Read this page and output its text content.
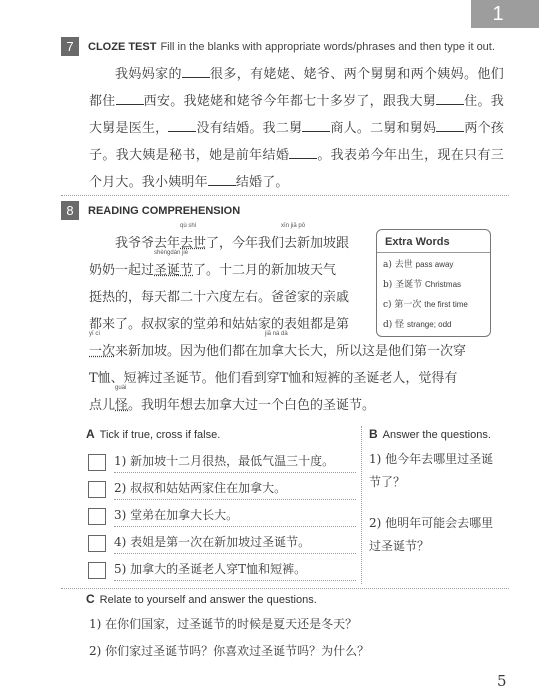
1
7	CLOZE TEST Fill in the blanks with appropriate words/phrases and then type it out.

我妈妈家的 很多，有姥姥、姥爷、两个舅舅和两个姨妈。他们都住 西安。我姥姥和姥爷今年都七十多岁了，跟我大舅 住。我大舅是医生， 没有结婚。我二舅 商人。二舅和舅妈 两个孩子。我大姨是秘书，她是前年结婚 。我表弟今年出生，现在只有三个月大。我小姨明年 结婚了。

8	READING COMPREHENSION
我爷爷去年
qù shì
去世
xīn jiā pō
了，今年我们去新加坡跟
奶奶一起过
shèngdàn jié
圣诞节了。十二月的新加坡天气
挺热的，每天都二十六度左右。爸爸家的亲戚
都来了。叔叔家的堂弟和姑姑家的表姐都是第
yī cì
一次
jiā ná dà
来新加坡。因为他们都在加拿大长大，所以这是他们第一次穿
T恤、短裤过圣诞节。他们看到穿T恤和短裤的圣诞老人，觉得有
点儿
guài
怪。我明年想去加拿大过一个白色的圣诞节。
Extra Words
a) 去世 pass away
b) 圣诞节 Christmas
c) 第一次 the first time
d) 怪 strange; odd
A Tick if true, cross if false.
1) 新加坡十二月很热，最低气温三十度。
2) 叔叔和姑姑两家住在加拿大。
3) 堂弟在加拿大长大。
4) 表姐是第一次在新加坡过圣诞节。
5) 加拿大的圣诞老人穿T恤和短裤。
B Answer the questions.
1) 他今年去哪里过圣诞节了？
2) 他明年可能会去哪里过圣诞节？
C Relate to yourself and answer the questions.
1) 在你们国家，过圣诞节的时候是夏天还是冬天？
2) 你们家过圣诞节吗？你喜欢过圣诞节吗？为什么？
5
